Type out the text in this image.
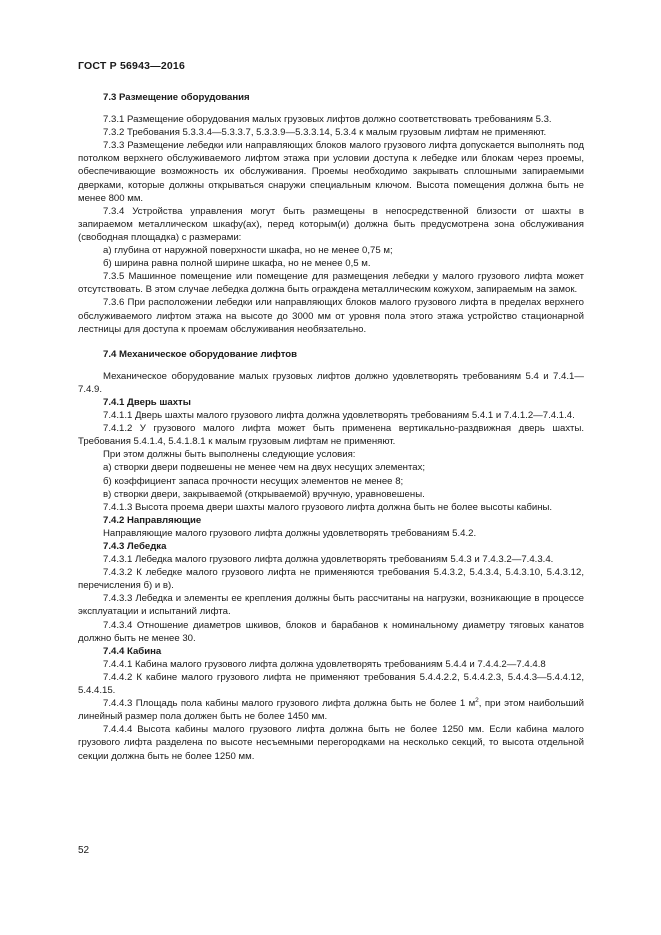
ГОСТ Р 56943—2016

7.3 Размещение оборудования

7.3.1 Размещение оборудования малых грузовых лифтов должно соответствовать требованиям 5.3.

7.3.2 Требования 5.3.3.4—5.3.3.7, 5.3.3.9—5.3.3.14, 5.3.4 к малым грузовым лифтам не применяют.

7.3.3 Размещение лебедки или направляющих блоков малого грузового лифта допускается выполнять под потолком верхнего обслуживаемого лифтом этажа при условии доступа к лебедке или блокам через проемы, обеспечивающие возможность их обслуживания. Проемы необходимо закрывать сплошными запираемыми дверками, которые должны открываться снаружи специальным ключом. Высота помещения должна быть не менее 800 мм.

7.3.4 Устройства управления могут быть размещены в непосредственной близости от шахты в запираемом металлическом шкафу(ах), перед которым(и) должна быть предусмотрена зона обслуживания (свободная площадка) с размерами:

а) глубина от наружной поверхности шкафа, но не менее 0,75 м;

б) ширина равна полной ширине шкафа, но не менее 0,5 м.

7.3.5 Машинное помещение или помещение для размещения лебедки у малого грузового лифта может отсутствовать. В этом случае лебедка должна быть ограждена металлическим кожухом, запираемым на замок.

7.3.6 При расположении лебедки или направляющих блоков малого грузового лифта в пределах верхнего обслуживаемого лифтом этажа на высоте до 3000 мм от уровня пола этого этажа устройство стационарной лестницы для доступа к проемам обслуживания необязательно.

7.4 Механическое оборудование лифтов

Механическое оборудование малых грузовых лифтов должно удовлетворять требованиям 5.4 и 7.4.1—7.4.9.

7.4.1 Дверь шахты

7.4.1.1 Дверь шахты малого грузового лифта должна удовлетворять требованиям 5.4.1 и 7.4.1.2—7.4.1.4.

7.4.1.2 У грузового малого лифта может быть применена вертикально-раздвижная дверь шахты. Требования 5.4.1.4, 5.4.1.8.1 к малым грузовым лифтам не применяют.

При этом должны быть выполнены следующие условия:

а) створки двери подвешены не менее чем на двух несущих элементах;

б) коэффициент запаса прочности несущих элементов не менее 8;

в) створки двери, закрываемой (открываемой) вручную, уравновешены.

7.4.1.3 Высота проема двери шахты малого грузового лифта должна быть не более высоты кабины.

7.4.2 Направляющие

Направляющие малого грузового лифта должны удовлетворять требованиям 5.4.2.

7.4.3 Лебедка

7.4.3.1 Лебедка малого грузового лифта должна удовлетворять требованиям 5.4.3 и 7.4.3.2—7.4.3.4.

7.4.3.2 К лебедке малого грузового лифта не применяются требования 5.4.3.2, 5.4.3.4, 5.4.3.10, 5.4.3.12, перечисления б) и в).

7.4.3.3 Лебедка и элементы ее крепления должны быть рассчитаны на нагрузки, возникающие в процессе эксплуатации и испытаний лифта.

7.4.3.4 Отношение диаметров шкивов, блоков и барабанов к номинальному диаметру тяговых канатов должно быть не менее 30.

7.4.4 Кабина

7.4.4.1 Кабина малого грузового лифта должна удовлетворять требованиям 5.4.4 и 7.4.4.2—7.4.4.8

7.4.4.2 К кабине малого грузового лифта не применяют требования 5.4.4.2.2, 5.4.4.2.3, 5.4.4.3—5.4.4.12, 5.4.4.15.

7.4.4.3 Площадь пола кабины малого грузового лифта должна быть не более 1 $м^2$, при этом наибольший линейный размер пола должен быть не более 1450 мм.

7.4.4.4 Высота кабины малого грузового лифта должна быть не более 1250 мм. Если кабина малого грузового лифта разделена по высоте несъемными перегородками на несколько секций, то высота отдельной секции должна быть не более 1250 мм.

52
